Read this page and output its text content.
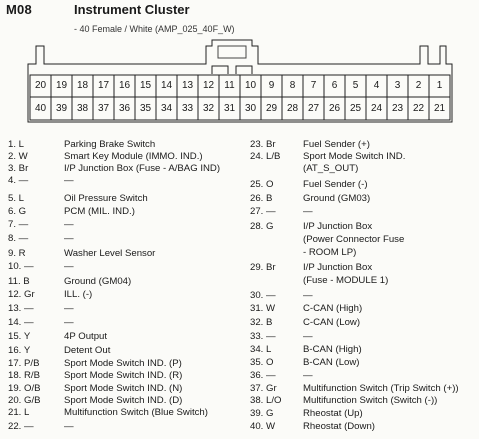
M08	Instrument Cluster
- 40 Female / White (AMP_025_40F_W)
20 19 18 17 16 15 14 13 12	11	10	9	8	7	6	5	4	3	2	1
40 39 38 37 36 35 34 33 32 31 30 29 28 27 26 25 24 23 22 21
1. L	Parking Brake Switch
2. W	Smart Key Module (IMMO. IND.)
3. Br	I/P Junction Box (Fuse - A/BAG IND)
4. —	—
5. L	Oil Pressure Switch
6. G	PCM (MIL. IND.)
7. —	—
8. —	—
9. R	Washer Level Sensor
10. —	—
11. B	Ground (GM04)
12. Gr	ILL. (-)
13. —	—
14. —	—
15. Y	4P Output
16. Y	Detent Out
17. P/B	Sport Mode Switch IND. (P)
18. R/B	Sport Mode Switch IND. (R)
19. O/B Sport Mode Switch IND. (N)
20. G/B Sport Mode Switch IND. (D)
21. L	Multifunction Switch (Blue Switch)
22. —	—
23. Br	Fuel Sender (+)
24. L/B Sport Mode Switch IND.
(AT_S_OUT)
25. O	Fuel Sender (-)
26. B	Ground (GM03)
27. —	—
28. G	I/P Junction Box
(Power Connector Fuse
- ROOM LP)
29. Br	I/P Junction Box
(Fuse - MODULE 1)
30. —	—
31. W	C-CAN (High)
32. B	C-CAN (Low)
33. —	—
34. L	B-CAN (High)
35. O	B-CAN (Low)
36. —	—
37. Gr	Multifunction Switch (Trip Switch (+))
38. L/O Multifunction Switch (Switch (-))
39. G	Rheostat (Up)
40. W	Rheostat (Down)
